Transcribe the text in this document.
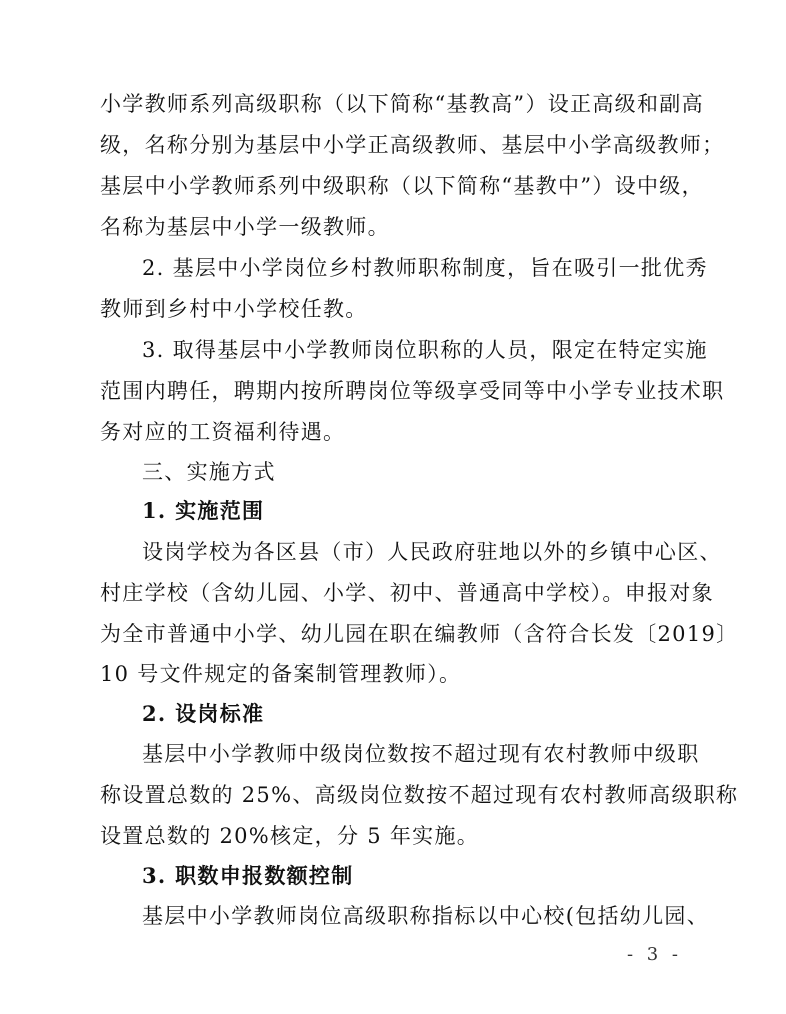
小学教师系列高级职称（以下简称“基教高”）设正高级和副高
级，名称分别为基层中小学正高级教师、基层中小学高级教师；
基层中小学教师系列中级职称（以下简称“基教中”）设中级，
名称为基层中小学一级教师。
2. 基层中小学岗位乡村教师职称制度，旨在吸引一批优秀
教师到乡村中小学校任教。
3. 取得基层中小学教师岗位职称的人员，限定在特定实施
范围内聘任，聘期内按所聘岗位等级享受同等中小学专业技术职
务对应的工资福利待遇。
三、实施方式
1. 实施范围
设岗学校为各区县（市）人民政府驻地以外的乡镇中心区、
村庄学校（含幼儿园、小学、初中、普通高中学校）。申报对象
为全市普通中小学、幼儿园在职在编教师（含符合长发〔2019〕
10 号文件规定的备案制管理教师）。
2. 设岗标准
基层中小学教师中级岗位数按不超过现有农村教师中级职
称设置总数的 25%、高级岗位数按不超过现有农村教师高级职称
设置总数的 20%核定，分 5 年实施。
3. 职数申报数额控制
基层中小学教师岗位高级职称指标以中心校(包括幼儿园、
- 3 -
